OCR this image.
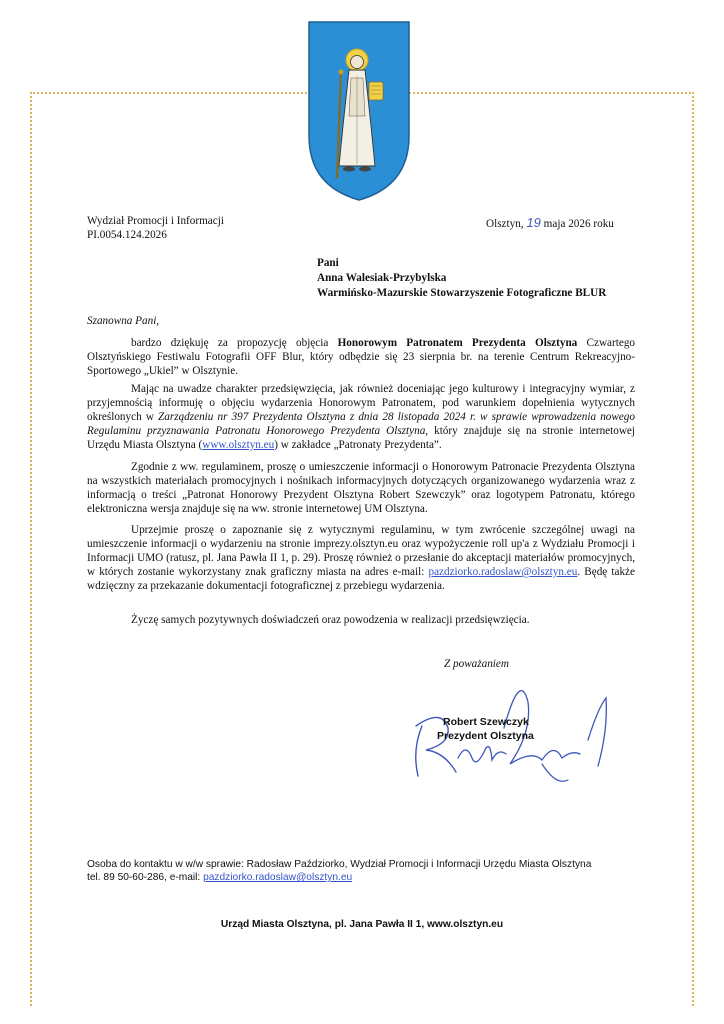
Wydział Promocji i Informacji
PI.0054.124.2026
Olsztyn, 19 maja 2026 roku
Pani
Anna Walesiak-Przybylska
Warmińsko-Mazurskie Stowarzyszenie Fotograficzne BLUR
Szanowna Pani,
bardzo dziękuję za propozycję objęcia Honorowym Patronatem Prezydenta Olsztyna Czwartego Olsztyńskiego Festiwalu Fotografii OFF Blur, który odbędzie się 23 sierpnia br. na terenie Centrum Rekreacyjno-Sportowego „Ukiel” w Olsztynie.
Mając na uwadze charakter przedsięwzięcia, jak również doceniając jego kulturowy i integracyjny wymiar, z przyjemnością informuję o objęciu wydarzenia Honorowym Patronatem, pod warunkiem dopełnienia wytycznych określonych w Zarządzeniu nr 397 Prezydenta Olsztyna z dnia 28 listopada 2024 r. w sprawie wprowadzenia nowego Regulaminu przyznawania Patronatu Honorowego Prezydenta Olsztyna, który znajduje się na stronie internetowej Urzędu Miasta Olsztyna (www.olsztyn.eu) w zakładce „Patronaty Prezydenta”.
Zgodnie z ww. regulaminem, proszę o umieszczenie informacji o Honorowym Patronacie Prezydenta Olsztyna na wszystkich materiałach promocyjnych i nośnikach informacyjnych dotyczących organizowanego wydarzenia wraz z informacją o treści „Patronat Honorowy Prezydent Olsztyna Robert Szewczyk” oraz logotypem Patronatu, którego elektroniczna wersja znajduje się na ww. stronie internetowej UM Olsztyna.
Uprzejmie proszę o zapoznanie się z wytycznymi regulaminu, w tym zwrócenie szczególnej uwagi na umieszczenie informacji o wydarzeniu na stronie imprezy.olsztyn.eu oraz wypożyczenie roll up'a z Wydziału Promocji i Informacji UMO (ratusz, pl. Jana Pawła II 1, p. 29). Proszę również o przesłanie do akceptacji materiałów promocyjnych, w których zostanie wykorzystany znak graficzny miasta na adres e-mail: pazdziorko.radoslaw@olsztyn.eu. Będę także wdzięczny za przekazanie dokumentacji fotograficznej z przebiegu wydarzenia.
Życzę samych pozytywnych doświadczeń oraz powodzenia w realizacji przedsięwzięcia.
Z poważaniem
Robert Szewczyk
Prezydent Olsztyna
Osoba do kontaktu w w/w sprawie: Radosław Paździorko, Wydział Promocji i Informacji Urzędu Miasta Olsztyna
tel. 89 50-60-286, e-mail: pazdziorko.radoslaw@olsztyn.eu
Urząd Miasta Olsztyna, pl. Jana Pawła II 1, www.olsztyn.eu
